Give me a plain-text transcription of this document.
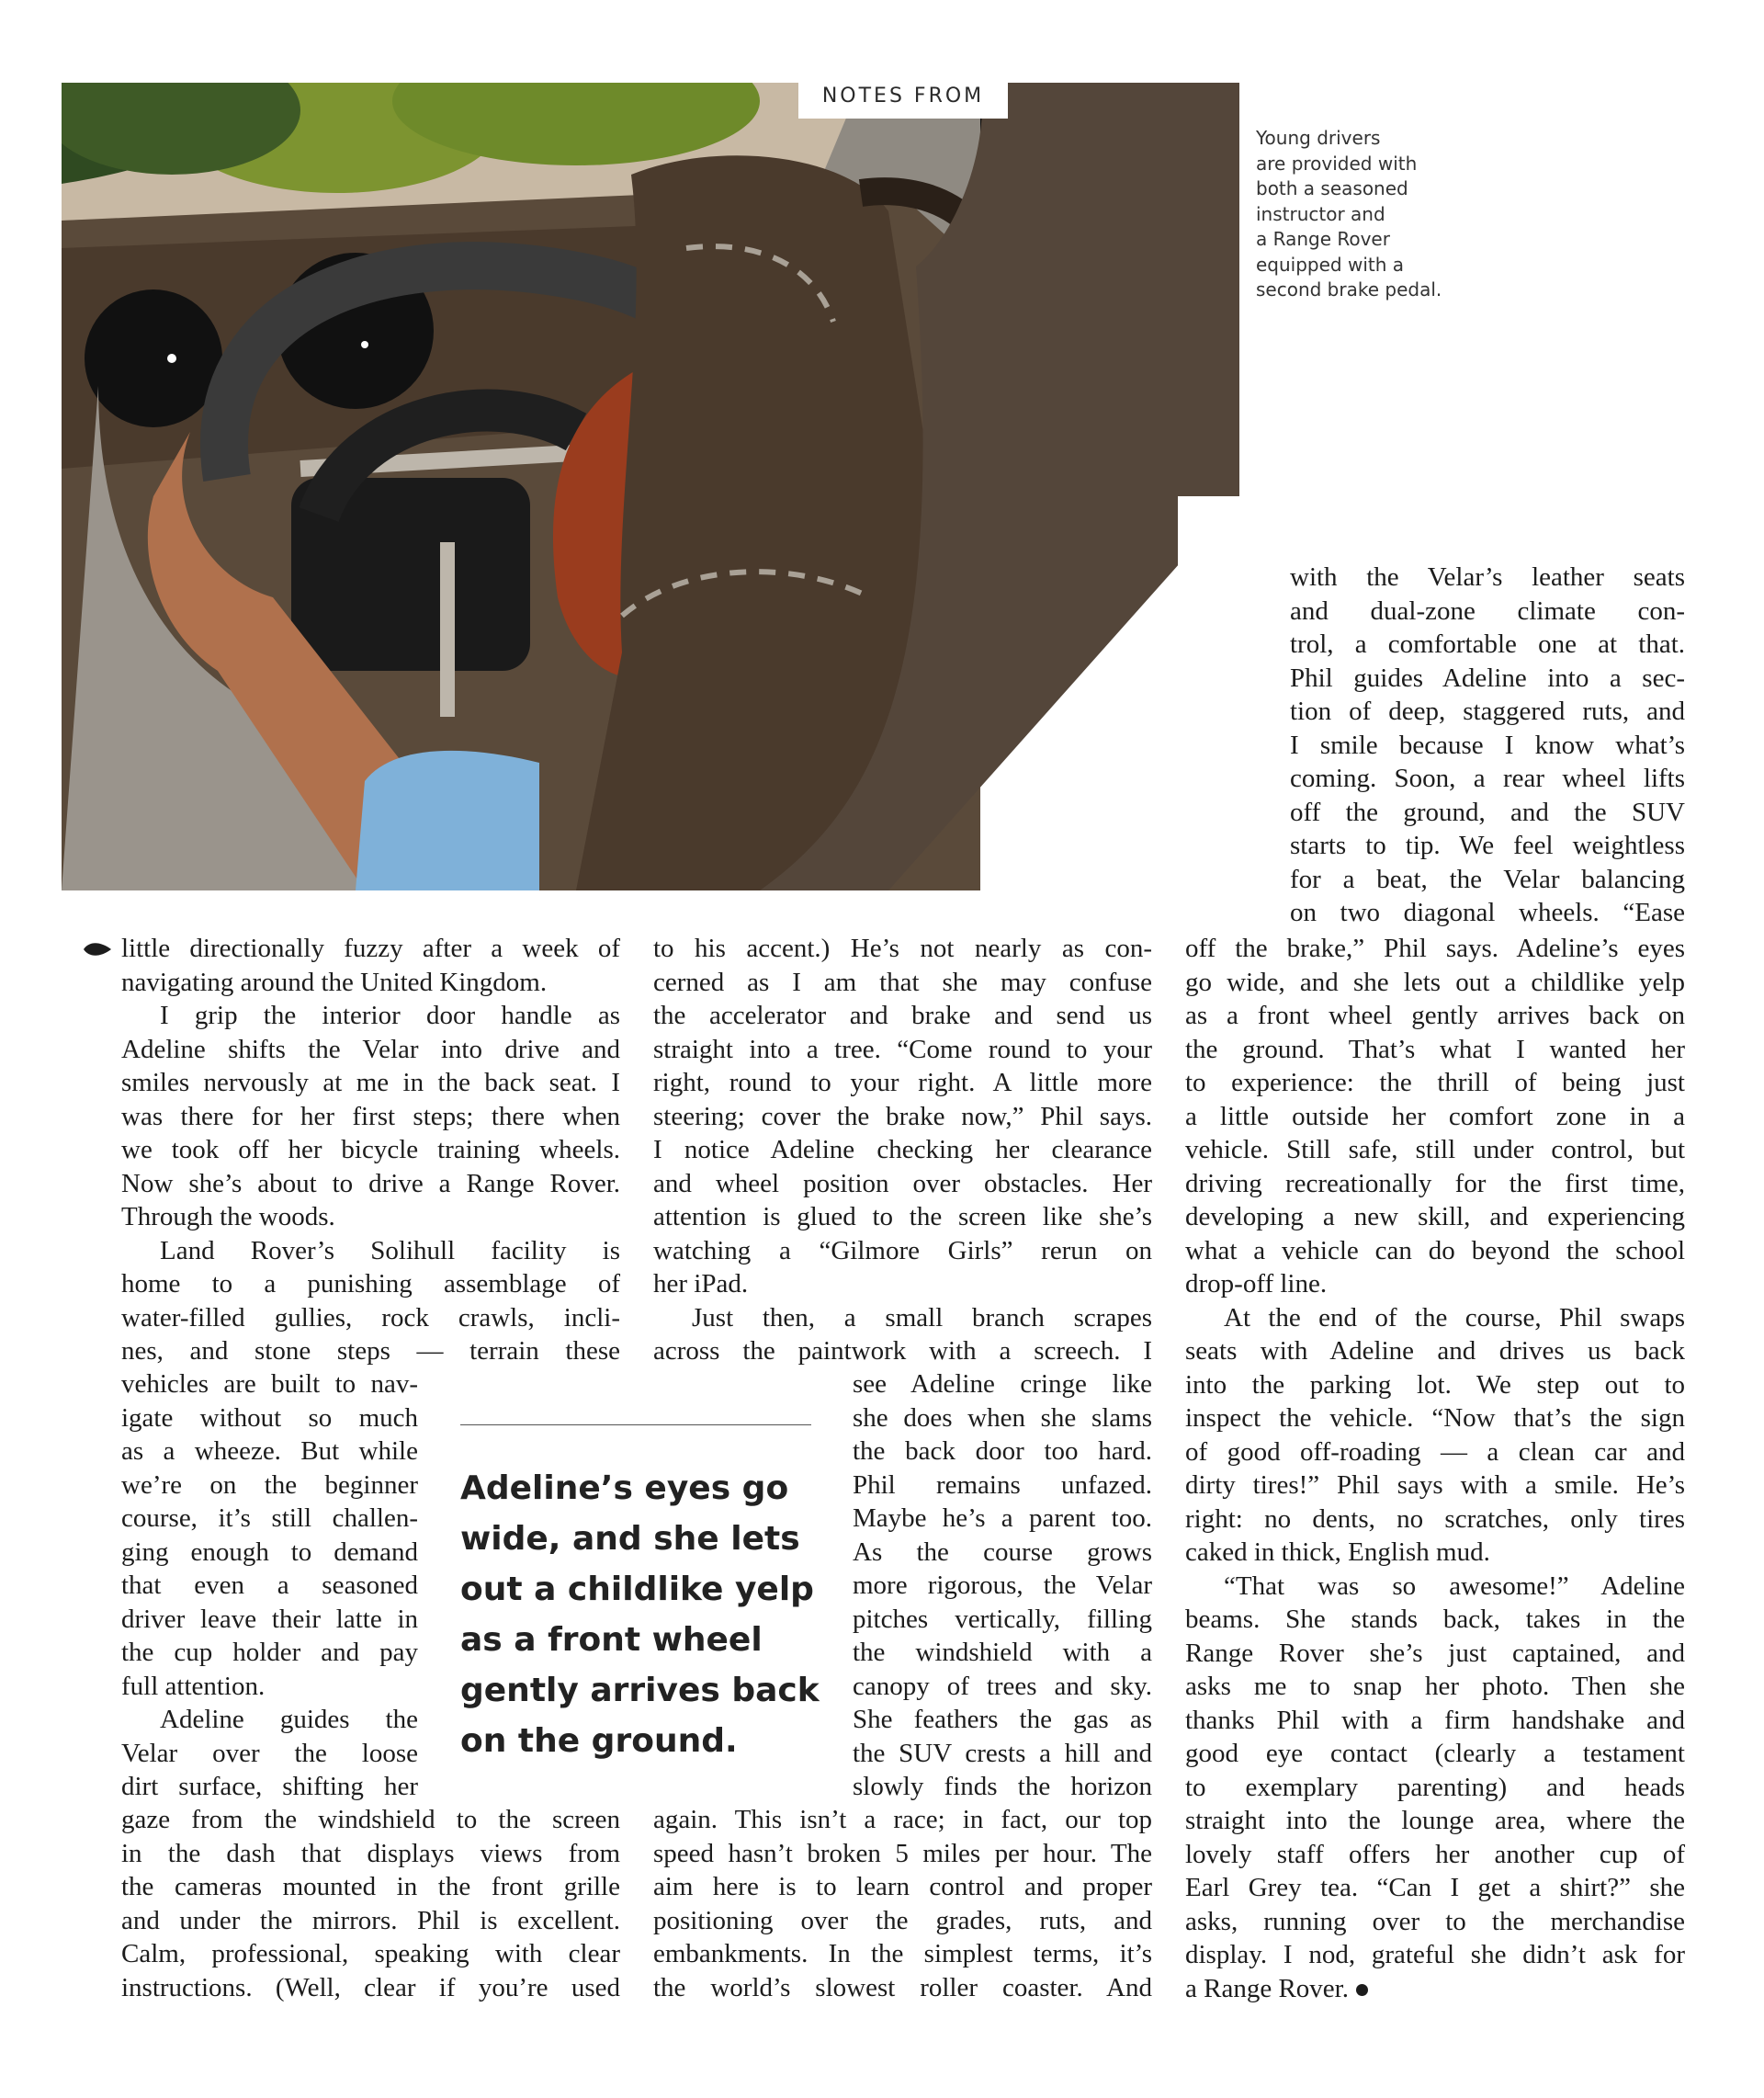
NOTES FROM
Young drivers
are provided with
both a seasoned
instructor and
a Range Rover
equipped with a
second brake pedal.
with the Velar’s leather seats
and dual-zone climate con-
trol, a comfortable one at that.
Phil guides Adeline into a sec-
tion of deep, staggered ruts, and
I smile because I know what’s
coming. Soon, a rear wheel lifts
off the ground, and the SUV
starts to tip. We feel weightless
for a beat, the Velar balancing
on two diagonal wheels. “Ease
little directionally fuzzy after a week of
navigating around the United Kingdom.
I grip the interior door handle as
Adeline shifts the Velar into drive and
smiles nervously at me in the back seat. I
was there for her first steps; there when
we took off her bicycle training wheels.
Now she’s about to drive a Range Rover.
Through the woods.
Land Rover’s Solihull facility is
home to a punishing assemblage of
water-filled gullies, rock crawls, incli-
nes, and stone steps — terrain these
vehicles are built to nav-
igate without so much
as a wheeze. But while
we’re on the beginner
course, it’s still challen-
ging enough to demand
that even a seasoned
driver leave their latte in
the cup holder and pay
full attention.
Adeline guides the
Velar over the loose
dirt surface, shifting her
gaze from the windshield to the screen
in the dash that displays views from
the cameras mounted in the front grille
and under the mirrors. Phil is excellent.
Calm, professional, speaking with clear
instructions. (Well, clear if you’re used
Adeline’s eyes go
wide, and she lets
out a childlike yelp
as a front wheel
gently arrives back
on the ground.
to his accent.) He’s not nearly as con-
cerned as I am that she may confuse
the accelerator and brake and send us
straight into a tree. “Come round to your
right, round to your right. A little more
steering; cover the brake now,” Phil says.
I notice Adeline checking her clearance
and wheel position over obstacles. Her
attention is glued to the screen like she’s
watching a “Gilmore Girls” rerun on
her iPad.
Just then, a small branch scrapes
across the paintwork with a screech. I
see Adeline cringe like
she does when she slams
the back door too hard.
Phil remains unfazed.
Maybe he’s a parent too.
As the course grows
more rigorous, the Velar
pitches vertically, filling
the windshield with a
canopy of trees and sky.
She feathers the gas as
the SUV crests a hill and
slowly finds the horizon
again. This isn’t a race; in fact, our top
speed hasn’t broken 5 miles per hour. The
aim here is to learn control and proper
positioning over the grades, ruts, and
embankments. In the simplest terms, it’s
the world’s slowest roller coaster. And
off the brake,” Phil says. Adeline’s eyes
go wide, and she lets out a childlike yelp
as a front wheel gently arrives back on
the ground. That’s what I wanted her
to experience: the thrill of being just
a little outside her comfort zone in a
vehicle. Still safe, still under control, but
driving recreationally for the first time,
developing a new skill, and experiencing
what a vehicle can do beyond the school
drop-off line.
At the end of the course, Phil swaps
seats with Adeline and drives us back
into the parking lot. We step out to
inspect the vehicle. “Now that’s the sign
of good off-roading — a clean car and
dirty tires!” Phil says with a smile. He’s
right: no dents, no scratches, only tires
caked in thick, English mud.
“That was so awesome!” Adeline
beams. She stands back, takes in the
Range Rover she’s just captained, and
asks me to snap her photo. Then she
thanks Phil with a firm handshake and
good eye contact (clearly a testament
to exemplary parenting) and heads
straight into the lounge area, where the
lovely staff offers her another cup of
Earl Grey tea. “Can I get a shirt?” she
asks, running over to the merchandise
display. I nod, grateful she didn’t ask for
a Range Rover.
